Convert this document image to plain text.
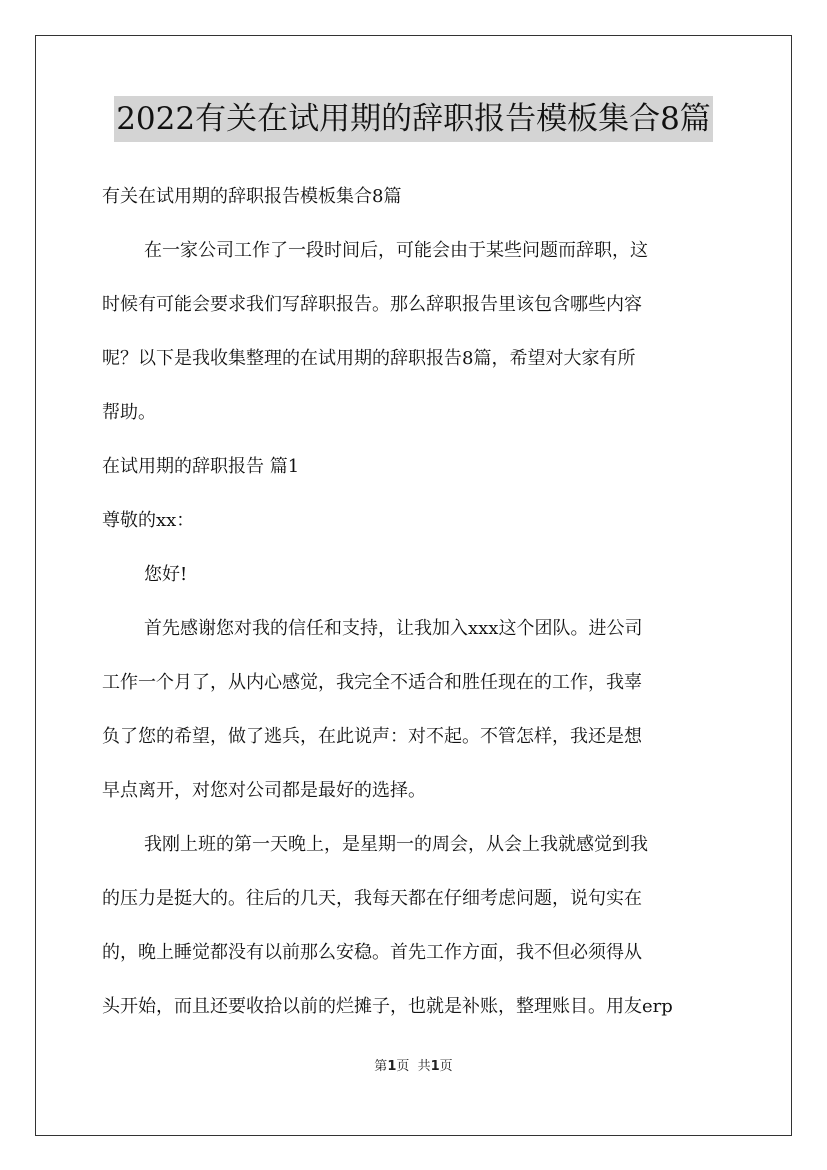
2022有关在试用期的辞职报告模板集合8篇
有关在试用期的辞职报告模板集合8篇
在一家公司工作了一段时间后，可能会由于某些问题而辞职，这
时候有可能会要求我们写辞职报告。那么辞职报告里该包含哪些内容
呢？以下是我收集整理的在试用期的辞职报告8篇，希望对大家有所
帮助。
在试用期的辞职报告 篇1
尊敬的xx：
您好!
首先感谢您对我的信任和支持，让我加入xxx这个团队。进公司
工作一个月了，从内心感觉，我完全不适合和胜任现在的工作，我辜
负了您的希望，做了逃兵，在此说声：对不起。不管怎样，我还是想
早点离开，对您对公司都是最好的选择。
我刚上班的第一天晚上，是星期一的周会，从会上我就感觉到我
的压力是挺大的。往后的几天，我每天都在仔细考虑问题，说句实在
的，晚上睡觉都没有以前那么安稳。首先工作方面，我不但必须得从
头开始，而且还要收拾以前的烂摊子，也就是补账，整理账目。用友erp
第1页  共1页
